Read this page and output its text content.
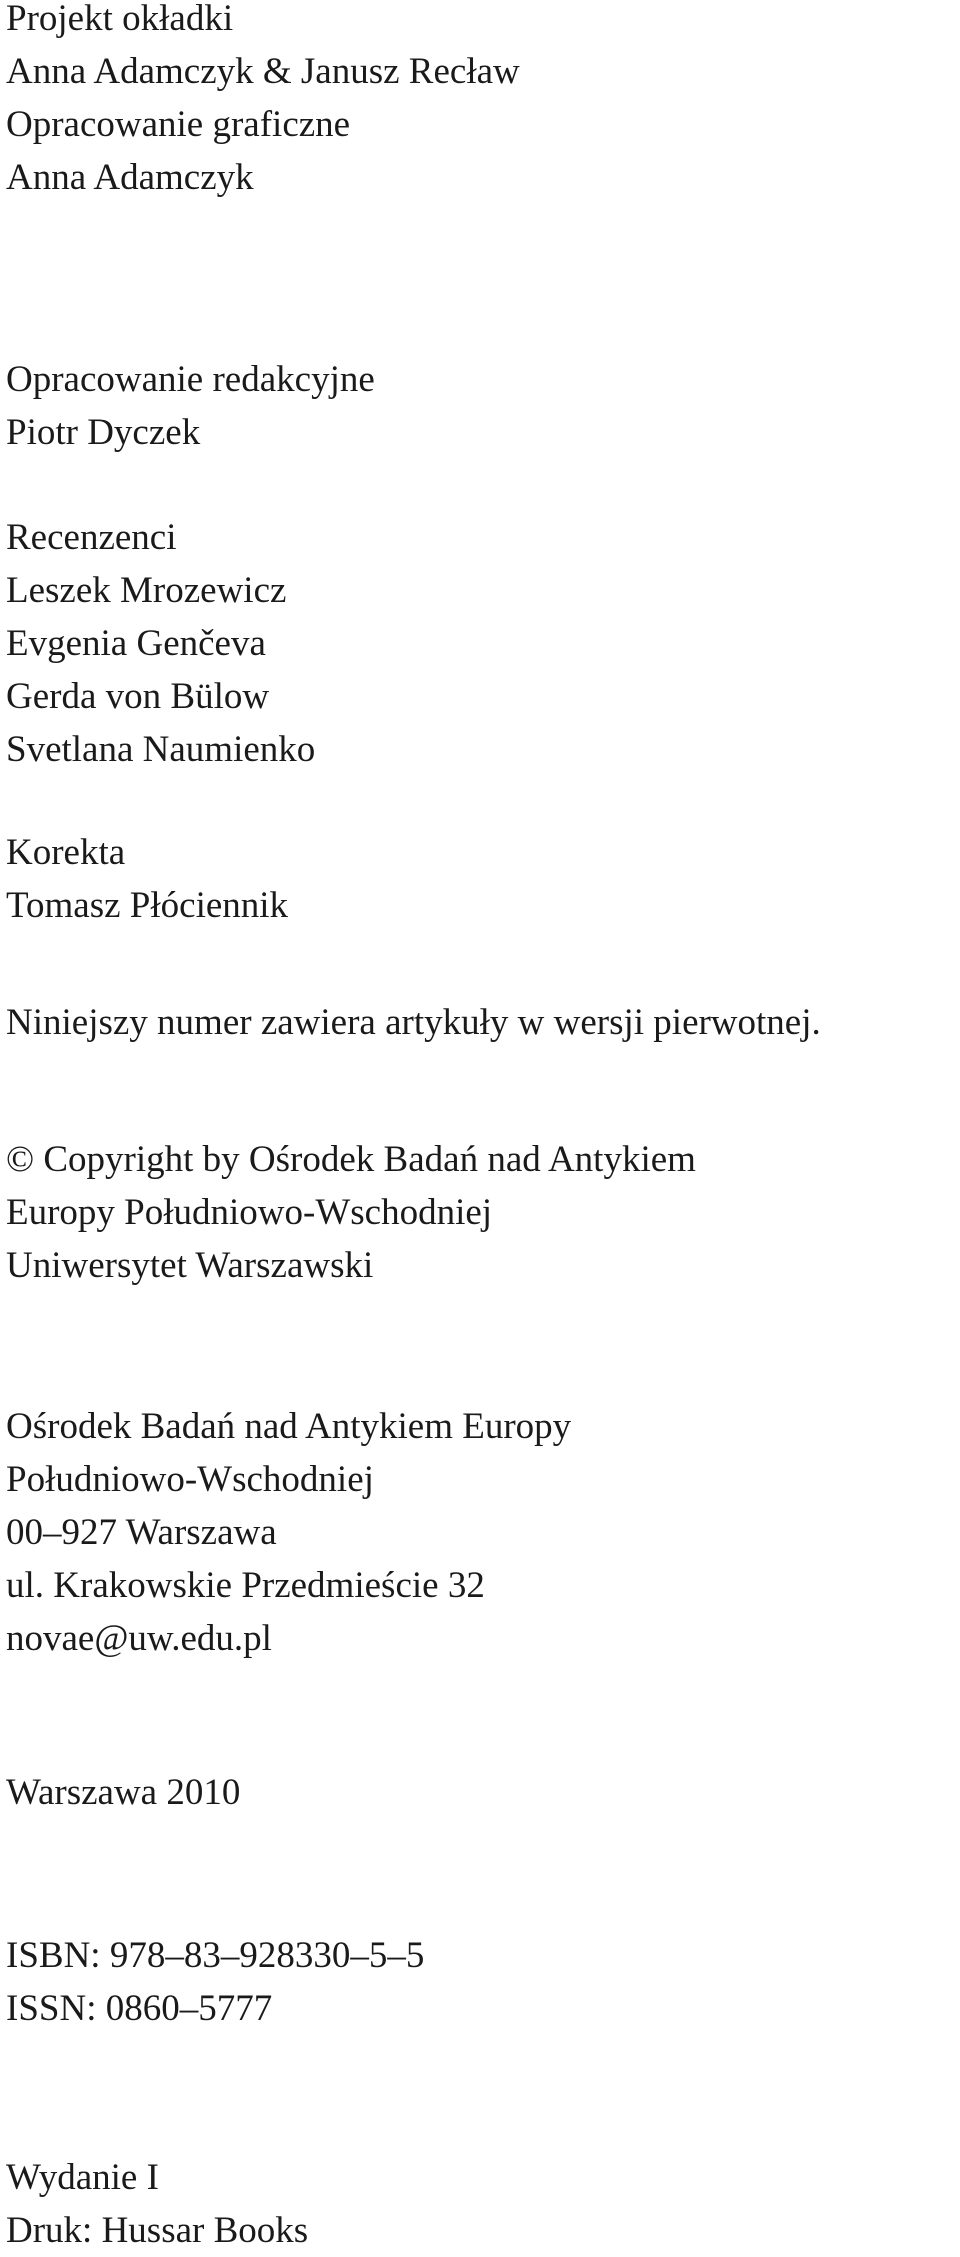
Projekt okładki
Anna Adamczyk & Janusz Recław
Opracowanie graficzne
Anna Adamczyk
Opracowanie redakcyjne
Piotr Dyczek
Recenzenci
Leszek Mrozewicz
Evgenia Genčeva
Gerda von Bülow
Svetlana Naumienko
Korekta
Tomasz Płóciennik
Niniejszy numer zawiera artykuły w wersji pierwotnej.
© Copyright by Ośrodek Badań nad Antykiem
Europy Południowo-Wschodniej
Uniwersytet Warszawski
Ośrodek Badań nad Antykiem Europy
Południowo-Wschodniej
00–927 Warszawa
ul. Krakowskie Przedmieście 32
novae@uw.edu.pl
Warszawa 2010
ISBN: 978–83–928330–5–5
ISSN: 0860–5777
Wydanie I
Druk: Hussar Books
